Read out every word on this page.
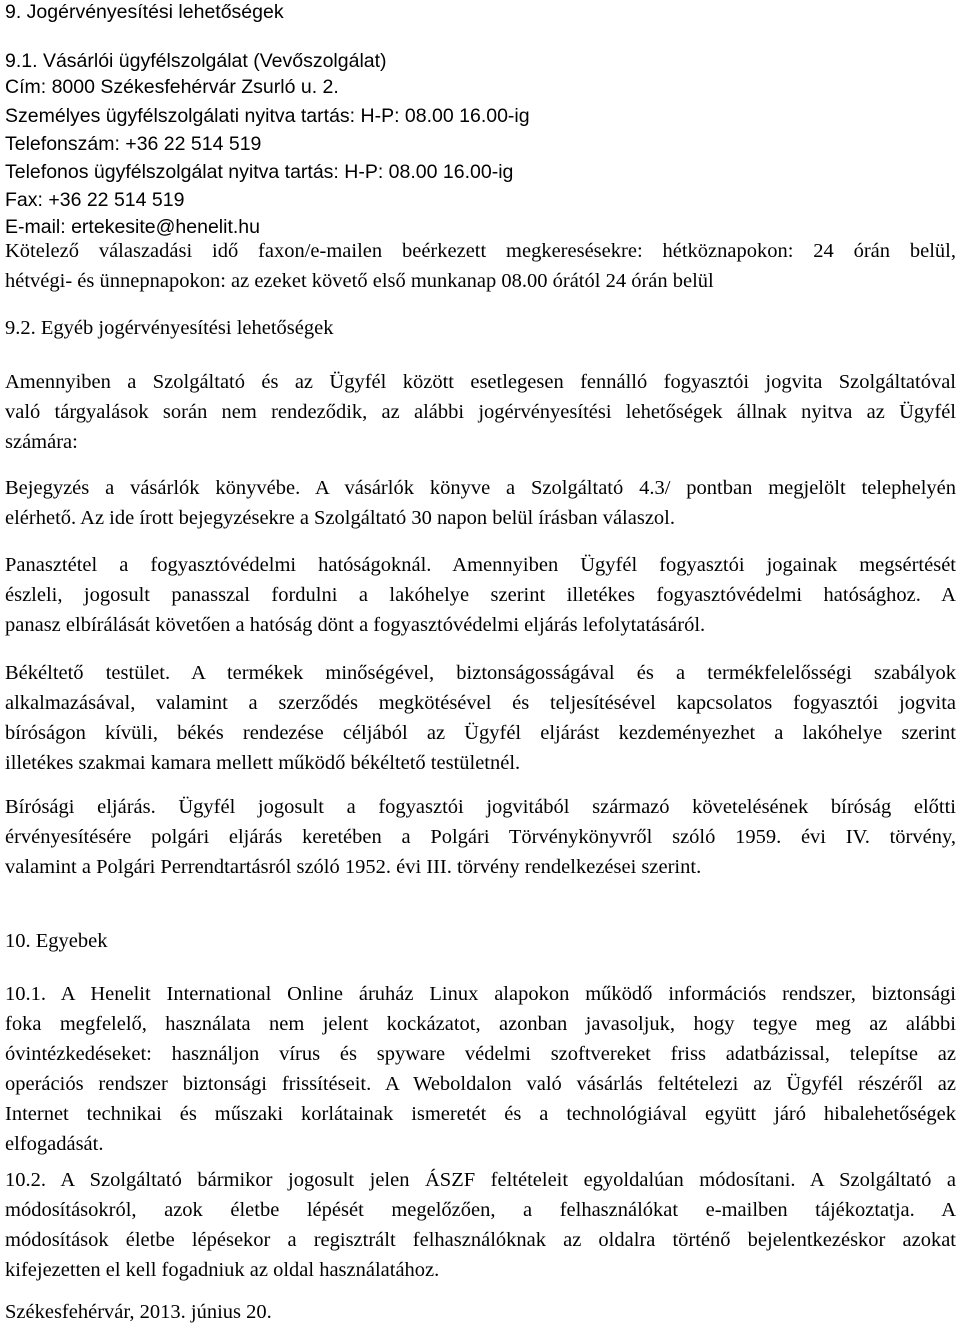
9. Jogérvényesítési lehetőségek
9.1. Vásárlói ügyfélszolgálat (Vevőszolgálat)
Cím: 8000 Székesfehérvár Zsurló u. 2.
Személyes ügyfélszolgálati nyitva tartás: H-P: 08.00 16.00-ig
Telefonszám: +36 22 514 519
Telefonos ügyfélszolgálat nyitva tartás: H-P: 08.00 16.00-ig
Fax: +36 22 514 519
E-mail: ertekesite@henelit.hu
Kötelező válaszadási idő faxon/e-mailen beérkezett megkeresésekre: hétköznapokon: 24 órán belül,
hétvégi- és ünnepnapokon: az ezeket követő első munkanap 08.00 órától 24 órán belül
9.2. Egyéb jogérvényesítési lehetőségek
Amennyiben a Szolgáltató és az Ügyfél között esetlegesen fennálló fogyasztói jogvita Szolgáltatóval
való tárgyalások során nem rendeződik, az alábbi jogérvényesítési lehetőségek állnak nyitva az Ügyfél
számára:
Bejegyzés a vásárlók könyvébe. A vásárlók könyve a Szolgáltató 4.3/ pontban megjelölt telephelyén
elérhető. Az ide írott bejegyzésekre a Szolgáltató 30 napon belül írásban válaszol.
Panasztétel a fogyasztóvédelmi hatóságoknál. Amennyiben Ügyfél fogyasztói jogainak megsértését
észleli, jogosult panasszal fordulni a lakóhelye szerint illetékes fogyasztóvédelmi hatósághoz. A
panasz elbírálását követően a hatóság dönt a fogyasztóvédelmi eljárás lefolytatásáról.
Békéltető testület. A termékek minőségével, biztonságosságával és a termékfelelősségi szabályok
alkalmazásával, valamint a szerződés megkötésével és teljesítésével kapcsolatos fogyasztói jogvita
bíróságon kívüli, békés rendezése céljából az Ügyfél eljárást kezdeményezhet a lakóhelye szerint
illetékes szakmai kamara mellett működő békéltető testületnél.
Bírósági eljárás. Ügyfél jogosult a fogyasztói jogvitából származó követelésének bíróság előtti
érvényesítésére polgári eljárás keretében a Polgári Törvénykönyvről szóló 1959. évi IV. törvény,
valamint a Polgári Perrendtartásról szóló 1952. évi III. törvény rendelkezései szerint.
10. Egyebek
10.1. A Henelit International Online áruház Linux alapokon működő információs rendszer, biztonsági
foka megfelelő, használata nem jelent kockázatot, azonban javasoljuk, hogy tegye meg az alábbi
óvintézkedéseket: használjon vírus és spyware védelmi szoftvereket friss adatbázissal, telepítse az
operációs rendszer biztonsági frissítéseit. A Weboldalon való vásárlás feltételezi az Ügyfél részéről az
Internet technikai és műszaki korlátainak ismeretét és a technológiával együtt járó hibalehetőségek
elfogadását.
10.2. A Szolgáltató bármikor jogosult jelen ÁSZF feltételeit egyoldalúan módosítani. A Szolgáltató a
módosításokról, azok életbe lépését megelőzően, a felhasználókat e-mailben tájékoztatja. A
módosítások életbe lépésekor a regisztrált felhasználóknak az oldalra történő bejelentkezéskor azokat
kifejezetten el kell fogadniuk az oldal használatához.
Székesfehérvár, 2013. június 20.
